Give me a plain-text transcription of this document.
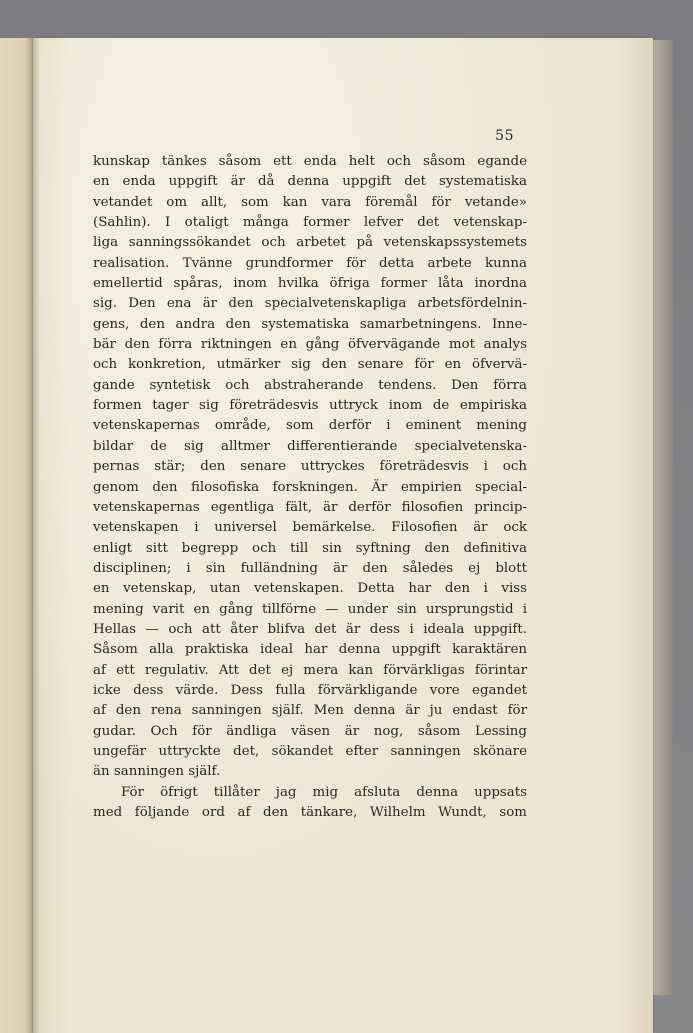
55
kunskap tänkes såsom ett enda helt och såsom egande
en enda uppgift är då denna uppgift det systematiska
vetandet om allt, som kan vara föremål för vetande»
(Sahlin). I otaligt många former lefver det vetenskap-
liga sanningssökandet och arbetet på vetenskapssystemets
realisation. Tvänne grundformer för detta arbete kunna
emellertid spåras, inom hvilka öfriga former låta inordna
sig. Den ena är den specialvetenskapliga arbetsfördelnin-
gens, den andra den systematiska samarbetningens. Inne-
bär den förra riktningen en gång öfvervägande mot analys
och konkretion, utmärker sig den senare för en öfvervä-
gande syntetisk och abstraherande tendens. Den förra
formen tager sig företrädesvis uttryck inom de empiriska
vetenskapernas område, som derför i eminent mening
bildar de sig alltmer differentierande specialvetenska-
pernas stär; den senare uttryckes företrädesvis i och
genom den filosofiska forskningen. Är empirien special-
vetenskapernas egentliga fält, är derför filosofien princip-
vetenskapen i universel bemärkelse. Filosofien är ock
enligt sitt begrepp och till sin syftning den definitiva
disciplinen; i sin fulländning är den således ej blott
en vetenskap, utan vetenskapen. Detta har den i viss
mening varit en gång tillförne — under sin ursprungstid i
Hellas — och att åter blifva det är dess i ideala uppgift.
Såsom alla praktiska ideal har denna uppgift karaktären
af ett regulativ. Att det ej mera kan förvärkligas förintar
icke dess värde. Dess fulla förvärkligande vore egandet
af den rena sanningen själf. Men denna är ju endast för
gudar. Och för ändliga väsen är nog, såsom Lessing
ungefär uttryckte det, sökandet efter sanningen skönare
än sanningen själf.
För öfrigt tillåter jag mig afsluta denna uppsats
med följande ord af den tänkare, Wilhelm Wundt, som
